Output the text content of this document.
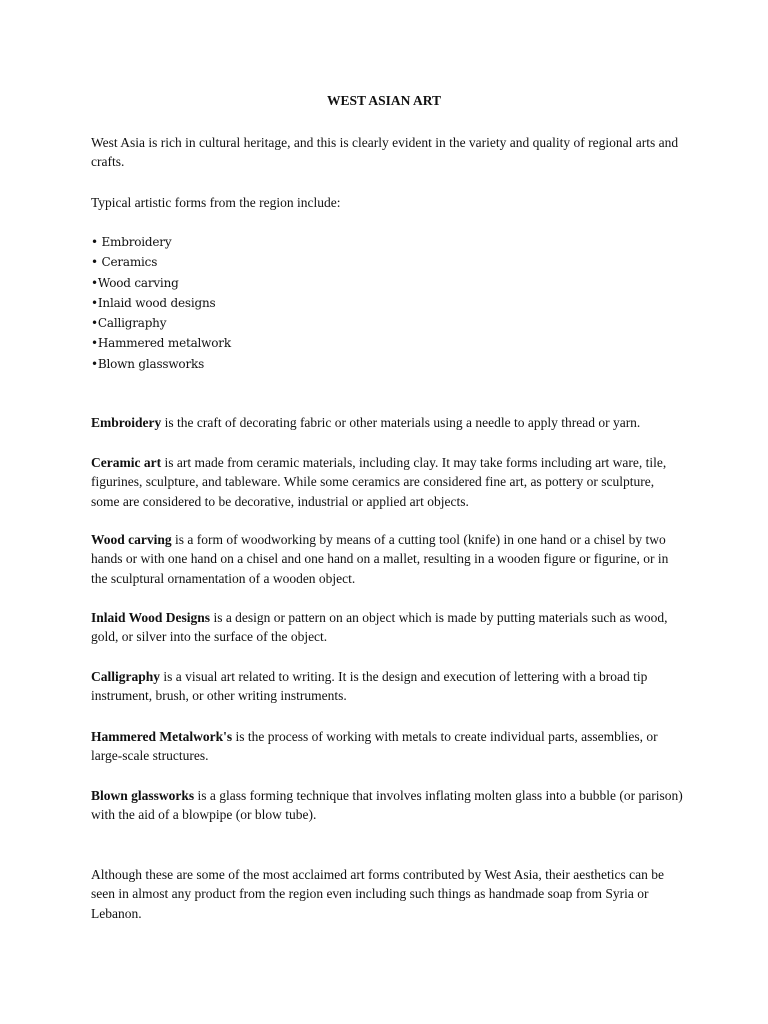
WEST ASIAN ART

West Asia is rich in cultural heritage, and this is clearly evident in the variety and quality of regional arts and crafts.

Typical artistic forms from the region include:

• Embroidery
• Ceramics
•Wood carving
•Inlaid wood designs
•Calligraphy
•Hammered metalwork
•Blown glassworks

Embroidery is the craft of decorating fabric or other materials using a needle to apply thread or yarn.

Ceramic art is art made from ceramic materials, including clay. It may take forms including art ware, tile, figurines, sculpture, and tableware. While some ceramics are considered fine art, as pottery or sculpture, some are considered to be decorative, industrial or applied art objects.

Wood carving is a form of woodworking by means of a cutting tool (knife) in one hand or a chisel by two hands or with one hand on a chisel and one hand on a mallet, resulting in a wooden figure or figurine, or in the sculptural ornamentation of a wooden object.

Inlaid Wood Designs is a design or pattern on an object which is made by putting materials such as wood, gold, or silver into the surface of the object.

Calligraphy is a visual art related to writing. It is the design and execution of lettering with a broad tip instrument, brush, or other writing instruments.

Hammered Metalwork's is the process of working with metals to create individual parts, assemblies, or large-scale structures.

Blown glassworks is a glass forming technique that involves inflating molten glass into a bubble (or parison) with the aid of a blowpipe (or blow tube).

Although these are some of the most acclaimed art forms contributed by West Asia, their aesthetics can be seen in almost any product from the region even including such things as handmade soap from Syria or Lebanon.
